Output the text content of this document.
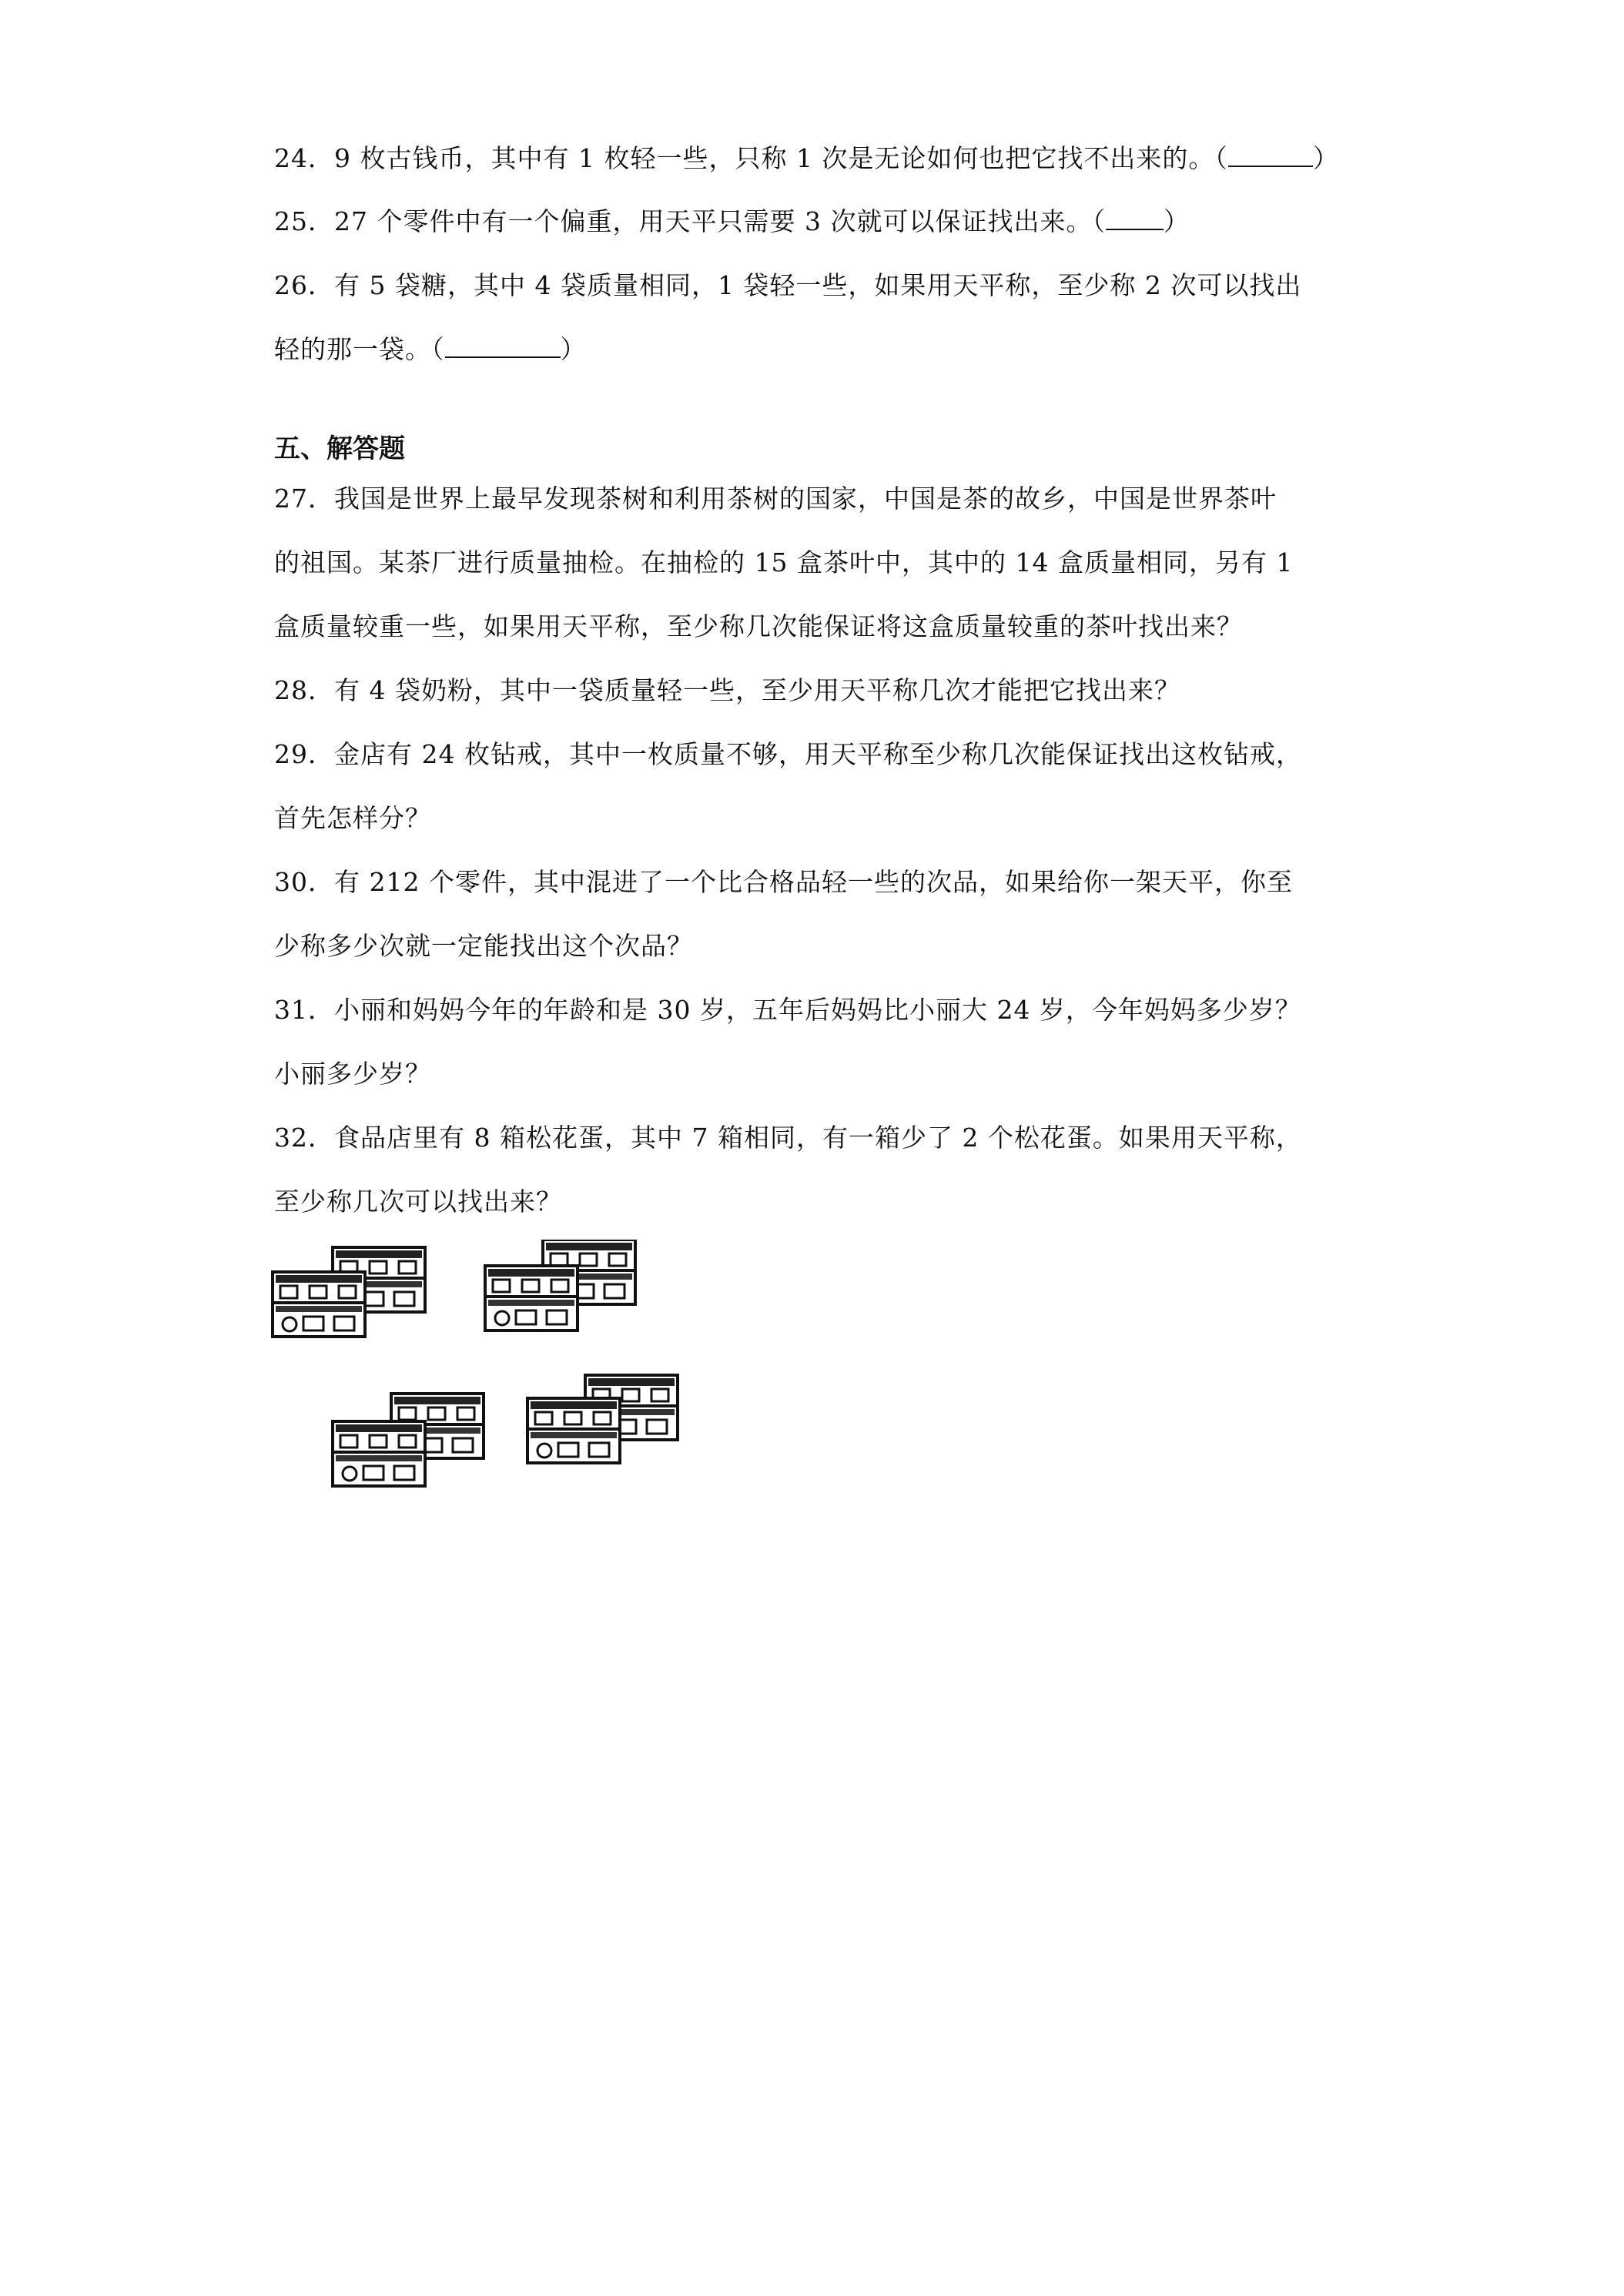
24．9 枚古钱币，其中有 1 枚轻一些，只称 1 次是无论如何也把它找不出来的。（	）
25．27 个零件中有一个偏重，用天平只需要 3 次就可以保证找出来。（ ）
26．有 5 袋糖，其中 4 袋质量相同，1 袋轻一些，如果用天平称，至少称 2 次可以找出
轻的那一袋。（	）
五、解答题
27．我国是世界上最早发现茶树和利用茶树的国家，中国是茶的故乡，中国是世界茶叶
的祖国。某茶厂进行质量抽检。在抽检的 15 盒茶叶中，其中的 14 盒质量相同，另有 1
盒质量较重一些，如果用天平称，至少称几次能保证将这盒质量较重的茶叶找出来？
28．有 4 袋奶粉，其中一袋质量轻一些，至少用天平称几次才能把它找出来？
29．金店有 24 枚钻戒，其中一枚质量不够，用天平称至少称几次能保证找出这枚钻戒，
首先怎样分？
30．有 212 个零件，其中混进了一个比合格品轻一些的次品，如果给你一架天平，你至
少称多少次就一定能找出这个次品？
31．小丽和妈妈今年的年龄和是 30 岁，五年后妈妈比小丽大 24 岁，今年妈妈多少岁？
小丽多少岁？
32．食品店里有 8 箱松花蛋，其中 7 箱相同，有一箱少了 2 个松花蛋。如果用天平称，
至少称几次可以找出来？
